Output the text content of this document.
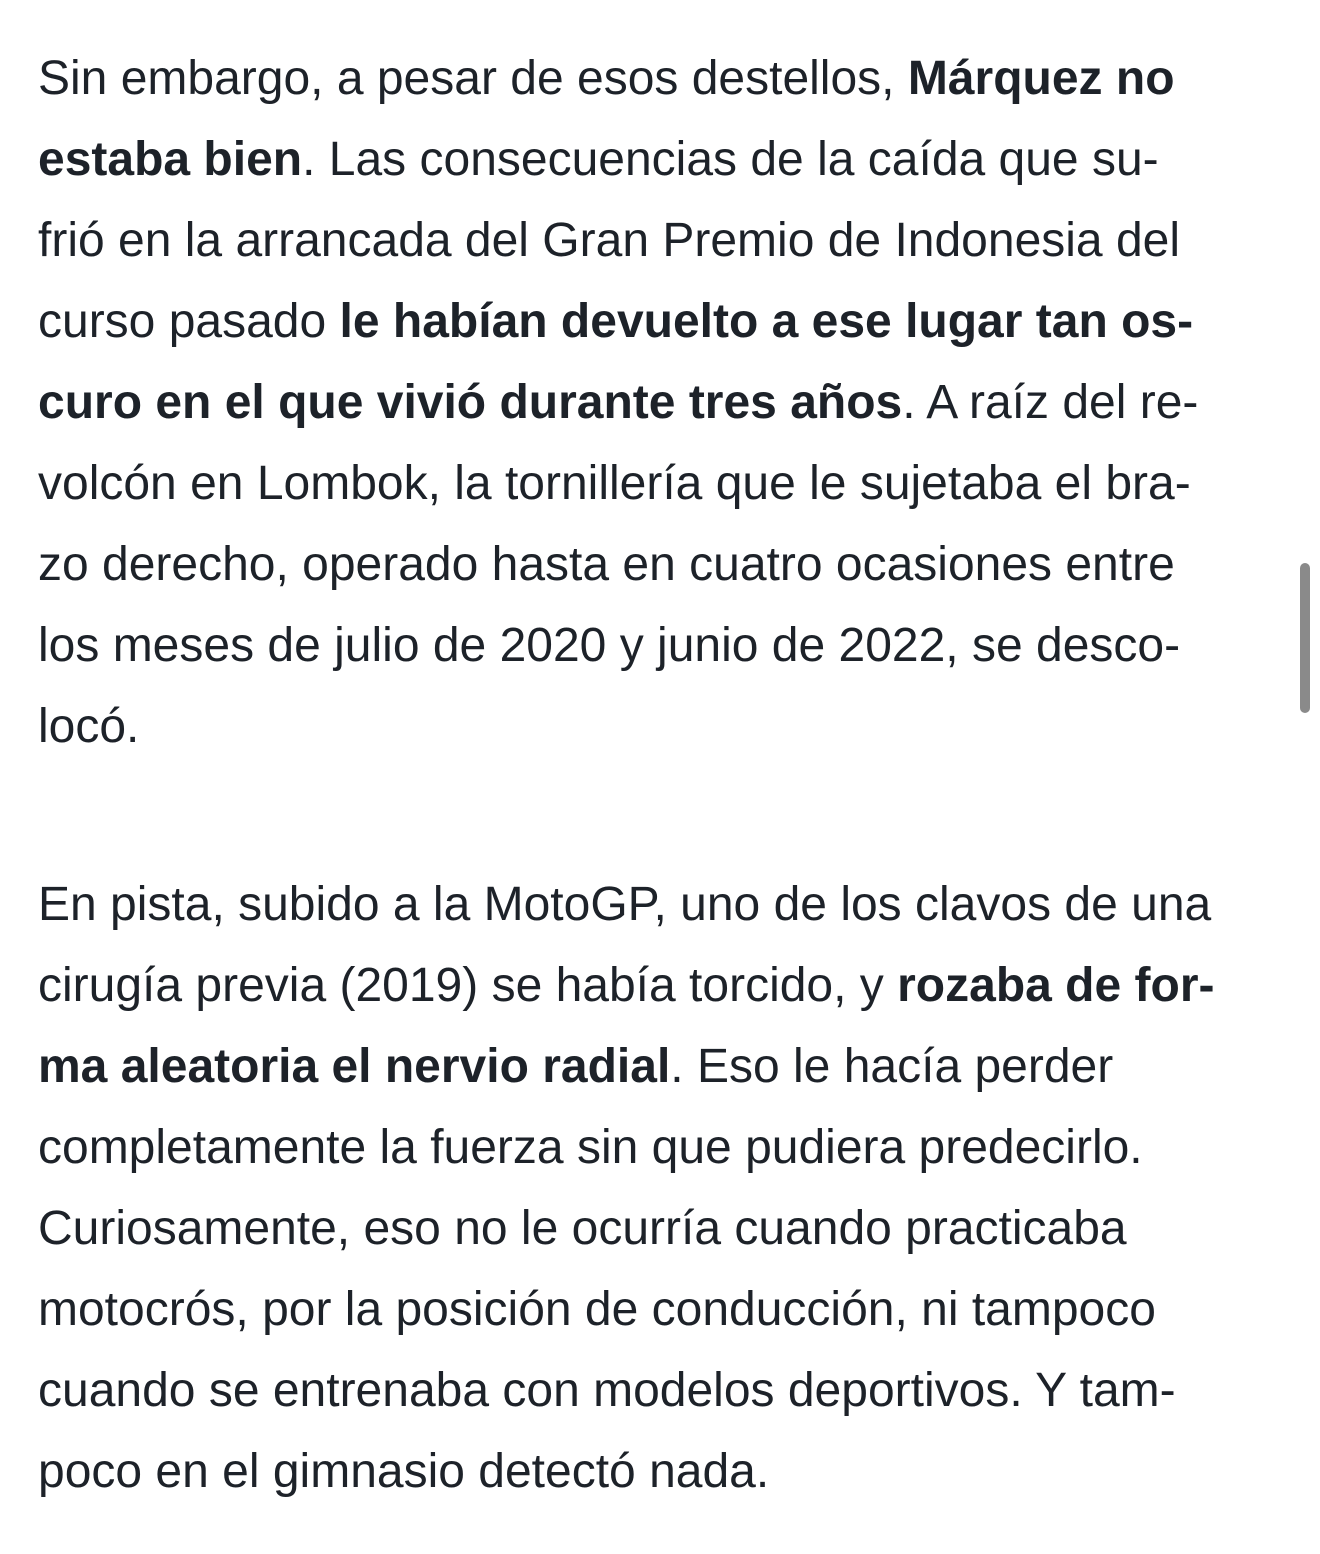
Sin embargo, a pesar de esos destellos, Márquez no
estaba bien. Las consecuencias de la caída que su-
frió en la arrancada del Gran Premio de Indonesia del
curso pasado le habían devuelto a ese lugar tan os-
curo en el que vivió durante tres años. A raíz del re-
volcón en Lombok, la tornillería que le sujetaba el bra-
zo derecho, operado hasta en cuatro ocasiones entre
los meses de julio de 2020 y junio de 2022, se desco-
locó.
En pista, subido a la MotoGP, uno de los clavos de una
cirugía previa (2019) se había torcido, y rozaba de for-
ma aleatoria el nervio radial. Eso le hacía perder
completamente la fuerza sin que pudiera predecirlo.
Curiosamente, eso no le ocurría cuando practicaba
motocrós, por la posición de conducción, ni tampoco
cuando se entrenaba con modelos deportivos. Y tam-
poco en el gimnasio detectó nada.
